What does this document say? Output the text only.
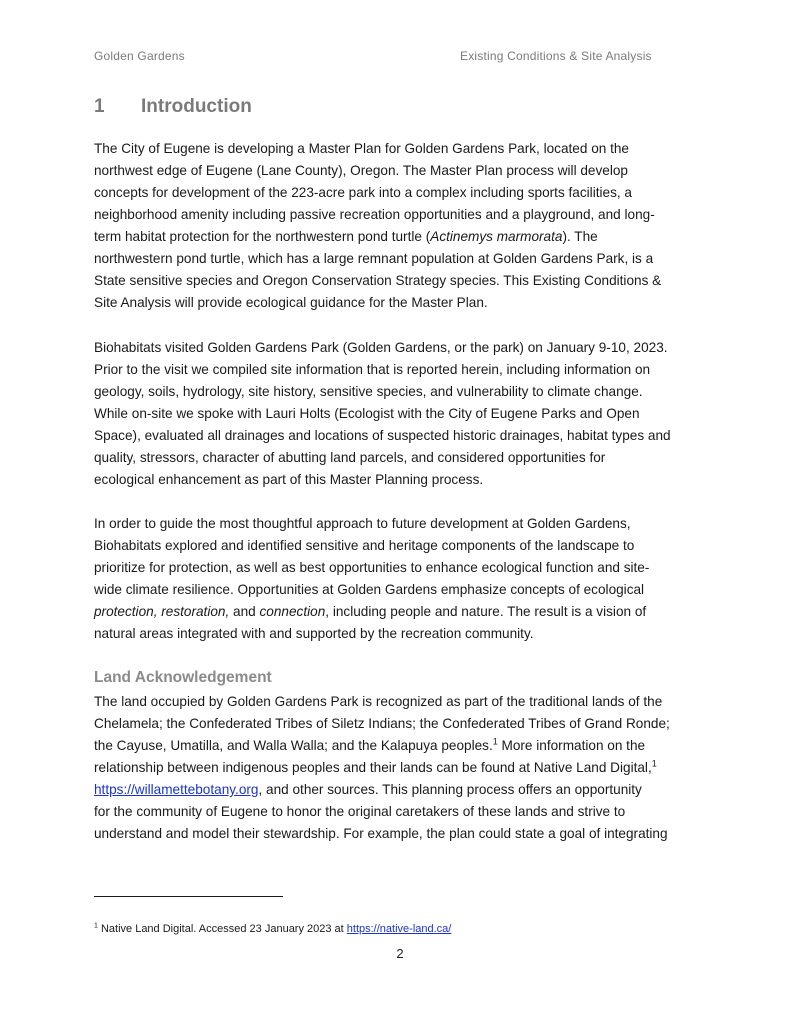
Golden Gardens	Existing Conditions & Site Analysis
1 Introduction
The City of Eugene is developing a Master Plan for Golden Gardens Park, located on the
northwest edge of Eugene (Lane County), Oregon. The Master Plan process will develop
concepts for development of the 223-acre park into a complex including sports facilities, a
neighborhood amenity including passive recreation opportunities and a playground, and long-
term habitat protection for the northwestern pond turtle (Actinemys marmorata). The
northwestern pond turtle, which has a large remnant population at Golden Gardens Park, is a
State sensitive species and Oregon Conservation Strategy species. This Existing Conditions &
Site Analysis will provide ecological guidance for the Master Plan.
Biohabitats visited Golden Gardens Park (Golden Gardens, or the park) on January 9-10, 2023.
Prior to the visit we compiled site information that is reported herein, including information on
geology, soils, hydrology, site history, sensitive species, and vulnerability to climate change.
While on-site we spoke with Lauri Holts (Ecologist with the City of Eugene Parks and Open
Space), evaluated all drainages and locations of suspected historic drainages, habitat types and
quality, stressors, character of abutting land parcels, and considered opportunities for
ecological enhancement as part of this Master Planning process.
In order to guide the most thoughtful approach to future development at Golden Gardens,
Biohabitats explored and identified sensitive and heritage components of the landscape to
prioritize for protection, as well as best opportunities to enhance ecological function and site-
wide climate resilience. Opportunities at Golden Gardens emphasize concepts of ecological
protection, restoration, and connection, including people and nature. The result is a vision of
natural areas integrated with and supported by the recreation community.
Land Acknowledgement
The land occupied by Golden Gardens Park is recognized as part of the traditional lands of the
Chelamela; the Confederated Tribes of Siletz Indians; the Confederated Tribes of Grand Ronde;
the Cayuse, Umatilla, and Walla Walla; and the Kalapuya peoples.$^1$ More information on the
relationship between indigenous peoples and their lands can be found at Native Land Digital,$^1$
https://willamettebotany.org, and other sources. This planning process offers an opportunity
for the community of Eugene to honor the original caretakers of these lands and strive to
understand and model their stewardship. For example, the plan could state a goal of integrating
$^1$ Native Land Digital. Accessed 23 January 2023 at https://native-land.ca/
2
